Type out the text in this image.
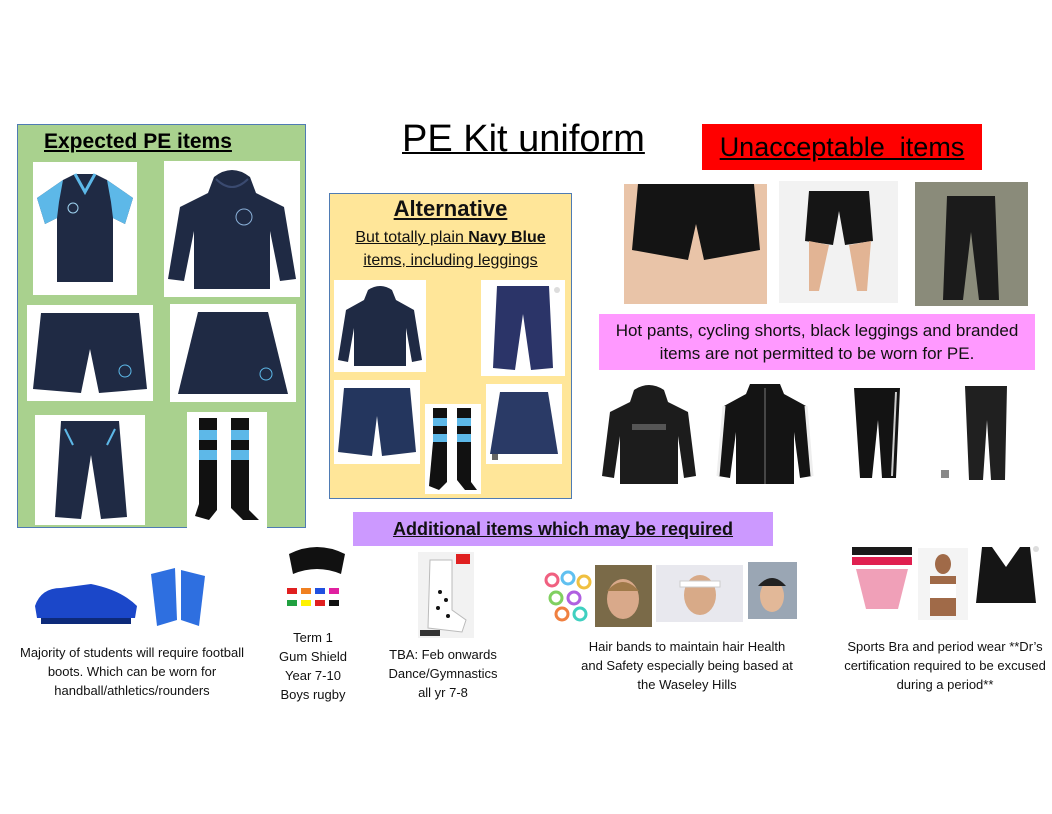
Expected PE items	PE Kit uniform	Unacceptable  items
Alternative
But totally plain Navy Blue items, including leggings
Hot pants, cycling shorts, black leggings and branded items are not permitted to be worn for PE.
Additional items which may be required
Majority of students will require football boots. Which can be worn for handball/athletics/rounders
Term 1
Gum Shield
Year 7-10
Boys rugby
TBA: Feb onwards Dance/Gymnastics all yr 7-8
Hair bands to maintain hair Health and Safety especially being based at the Waseley Hills
Sports Bra and period wear **Dr’s certification required to be excused during a period**
